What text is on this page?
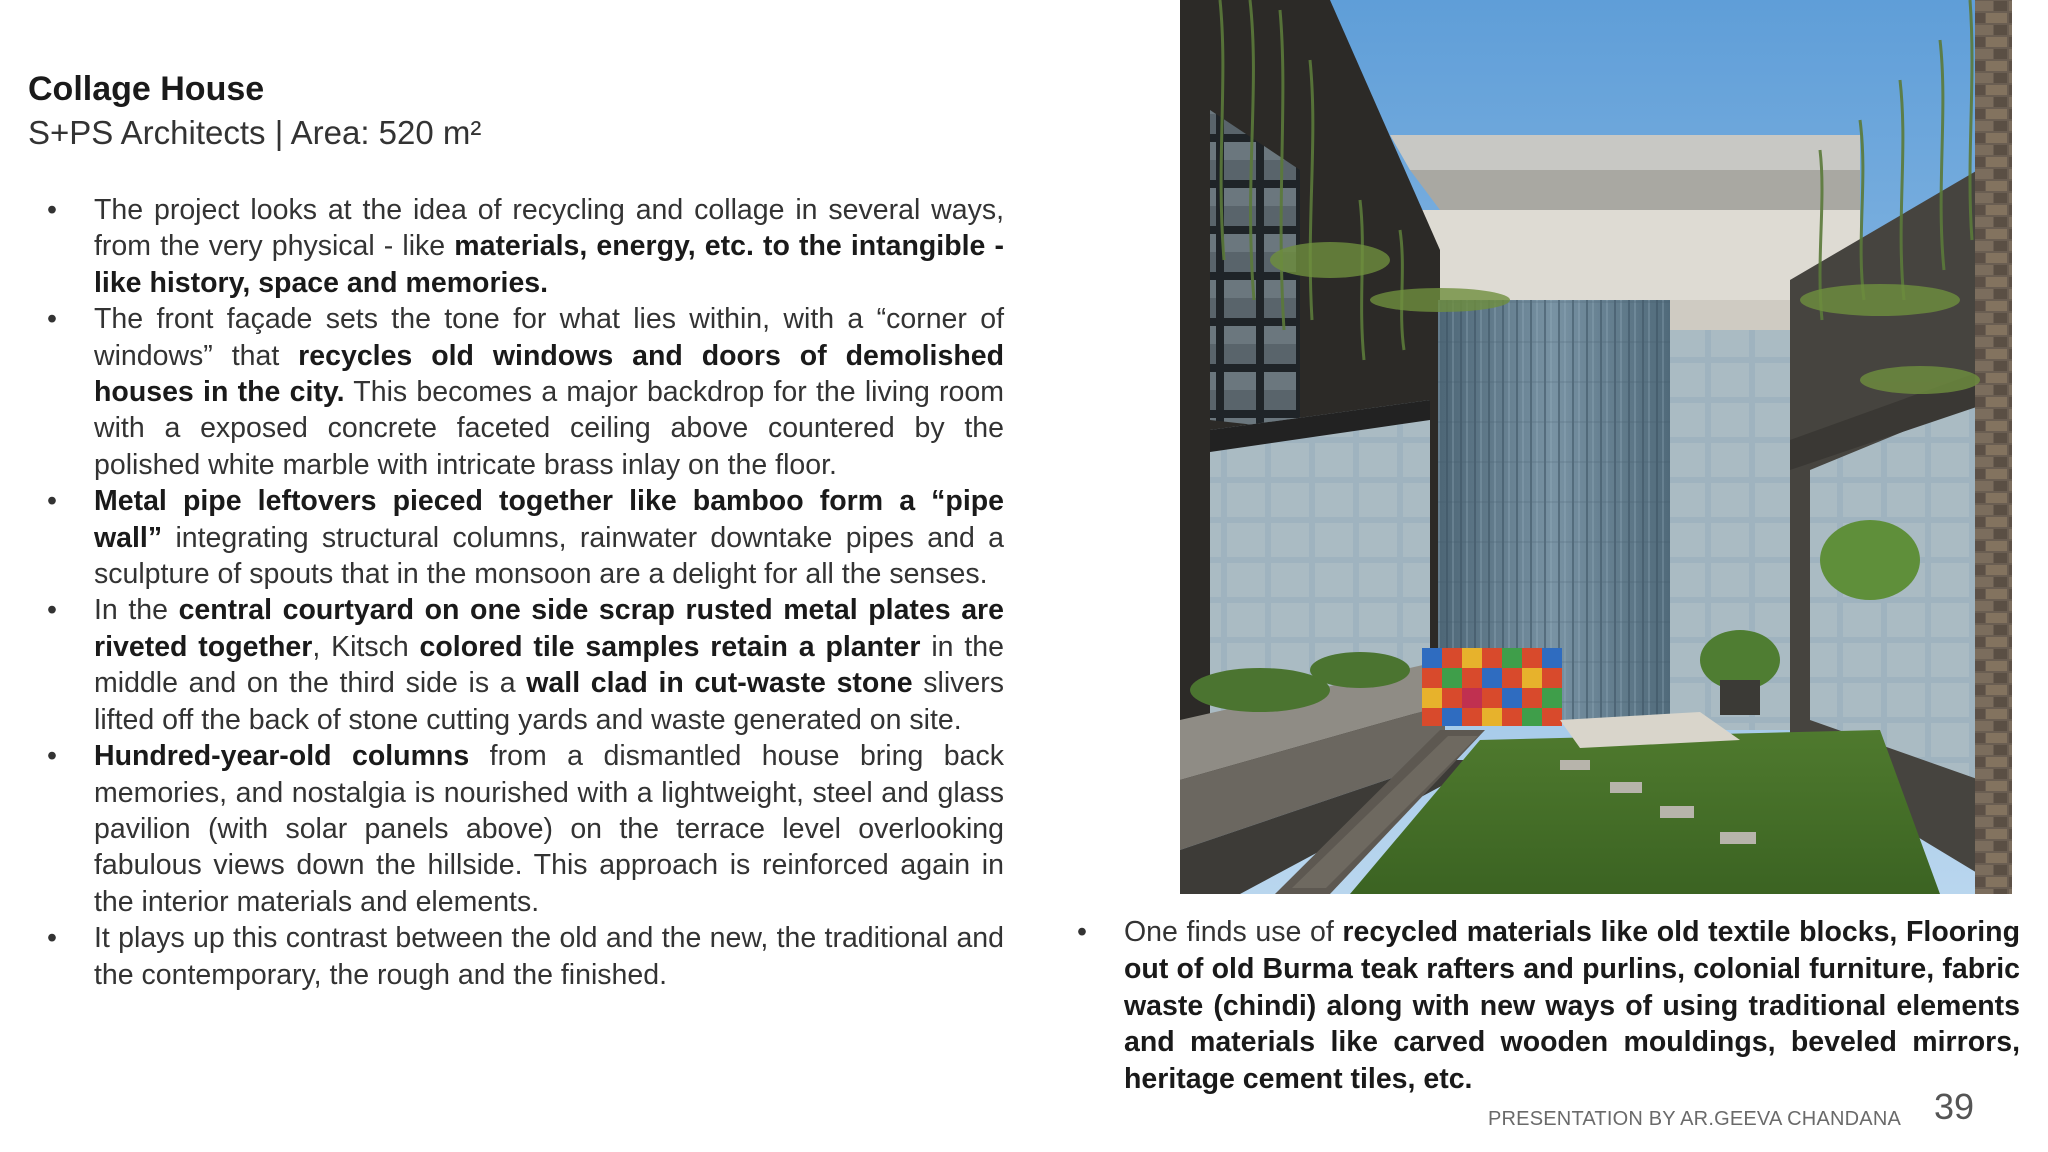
Collage House
S+PS Architects | Area: 520 m²
• The project looks at the idea of recycling and collage in several ways, from the very physical - like materials, energy, etc. to the intangible - like history, space and memories.
• The front façade sets the tone for what lies within, with a “corner of windows” that recycles old windows and doors of demolished houses in the city. This becomes a major backdrop for the living room with a exposed concrete faceted ceiling above countered by the polished white marble with intricate brass inlay on the floor.
• Metal pipe leftovers pieced together like bamboo form a “pipe wall” integrating structural columns, rainwater downtake pipes and a sculpture of spouts that in the monsoon are a delight for all the senses.
• In the central courtyard on one side scrap rusted metal plates are riveted together, Kitsch colored tile samples retain a planter in the middle and on the third side is a wall clad in cut-waste stone slivers lifted off the back of stone cutting yards and waste generated on site.
• Hundred-year-old columns from a dismantled house bring back memories, and nostalgia is nourished with a lightweight, steel and glass pavilion (with solar panels above) on the terrace level overlooking fabulous views down the hillside. This approach is reinforced again in the interior materials and elements.
• It plays up this contrast between the old and the new, the traditional and the contemporary, the rough and the finished.
• One finds use of recycled materials like old textile blocks, Flooring out of old Burma teak rafters and purlins, colonial furniture, fabric waste (chindi) along with new ways of using traditional elements and materials like carved wooden mouldings, beveled mirrors, heritage cement tiles, etc.
PRESENTATION BY AR.GEEVA CHANDANA 39
